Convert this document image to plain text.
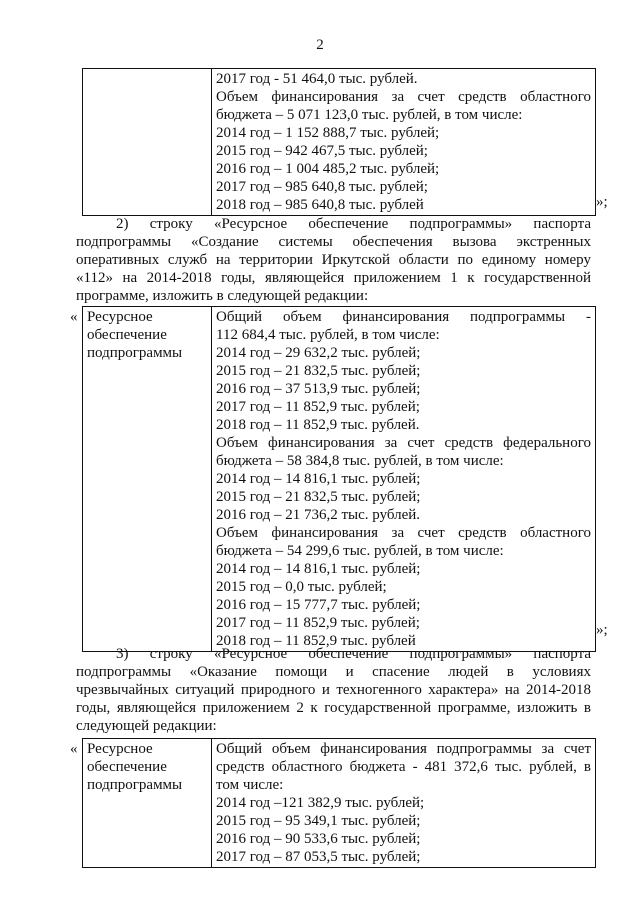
2

2017 год - 51 464,0 тыс. рублей.
Объем финансирования за счет средств областного
бюджета – 5 071 123,0 тыс. рублей, в том числе:
2014 год – 1 152 888,7 тыс. рублей;
2015 год – 942 467,5 тыс. рублей;
2016 год – 1 004 485,2 тыс. рублей;
2017 год – 985 640,8 тыс. рублей;
2018 год – 985 640,8 тыс. рублей	»;
2) строку «Ресурсное обеспечение подпрограммы» паспорта
подпрограммы «Создание системы обеспечения вызова экстренных
оперативных служб на территории Иркутской области по единому номеру
«112» на 2014-2018 годы, являющейся приложением 1 к государственной
программе, изложить в следующей редакции:
« Ресурсное
обеспечение
подпрограммы

Общий объем финансирования подпрограммы -
112 684,4 тыс. рублей, в том числе:
2014 год – 29 632,2 тыс. рублей;
2015 год – 21 832,5 тыс. рублей;
2016 год – 37 513,9 тыс. рублей;
2017 год – 11 852,9 тыс. рублей;
2018 год – 11 852,9 тыс. рублей.
Объем финансирования за счет средств федерального
бюджета – 58 384,8 тыс. рублей, в том числе:
2014 год – 14 816,1 тыс. рублей;
2015 год – 21 832,5 тыс. рублей;
2016 год – 21 736,2 тыс. рублей.
Объем финансирования за счет средств областного
бюджета – 54 299,6 тыс. рублей, в том числе:
2014 год – 14 816,1 тыс. рублей;
2015 год – 0,0 тыс. рублей;
2016 год – 15 777,7 тыс. рублей;
2017 год – 11 852,9 тыс. рублей;
2018 год – 11 852,9 тыс. рублей
»;
3) строку «Ресурсное обеспечение подпрограммы» паспорта
подпрограммы «Оказание помощи и спасение людей в условиях
чрезвычайных ситуаций природного и техногенного характера» на 2014-2018
годы, являющейся приложением 2 к государственной программе, изложить в
следующей редакции:
« Ресурсное
обеспечение
подпрограммы

Общий объем финансирования подпрограммы за счет
средств областного бюджета - 481 372,6 тыс. рублей, в
том числе:
2014 год –121 382,9 тыс. рублей;
2015 год – 95 349,1 тыс. рублей;
2016 год – 90 533,6 тыс. рублей;
2017 год – 87 053,5 тыс. рублей;
